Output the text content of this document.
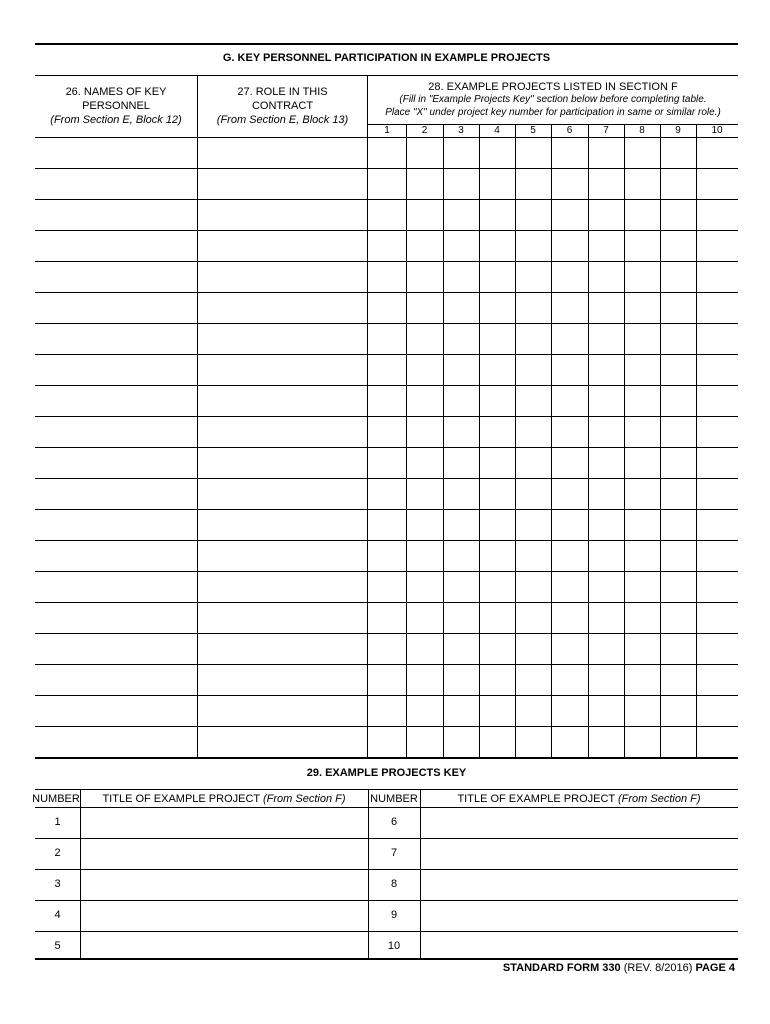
G. KEY PERSONNEL PARTICIPATION IN EXAMPLE PROJECTS
26. NAMES OF KEY
PERSONNEL
(From Section E, Block 12)
27. ROLE IN THIS
CONTRACT
(From Section E, Block 13)
28. EXAMPLE PROJECTS LISTED IN SECTION F
(Fill in "Example Projects Key" section below before completing table.
Place "X" under project key number for participation in same or similar role.)
1	2	3	4	5	6	7	8	9	10
29. EXAMPLE PROJECTS KEY
NUMBER	TITLE OF EXAMPLE PROJECT (From Section F)	NUMBER	TITLE OF EXAMPLE PROJECT (From Section F)
1	6
2	7
3	8
4	9
5	10
STANDARD FORM 330 (REV. 8/2016) PAGE 4
